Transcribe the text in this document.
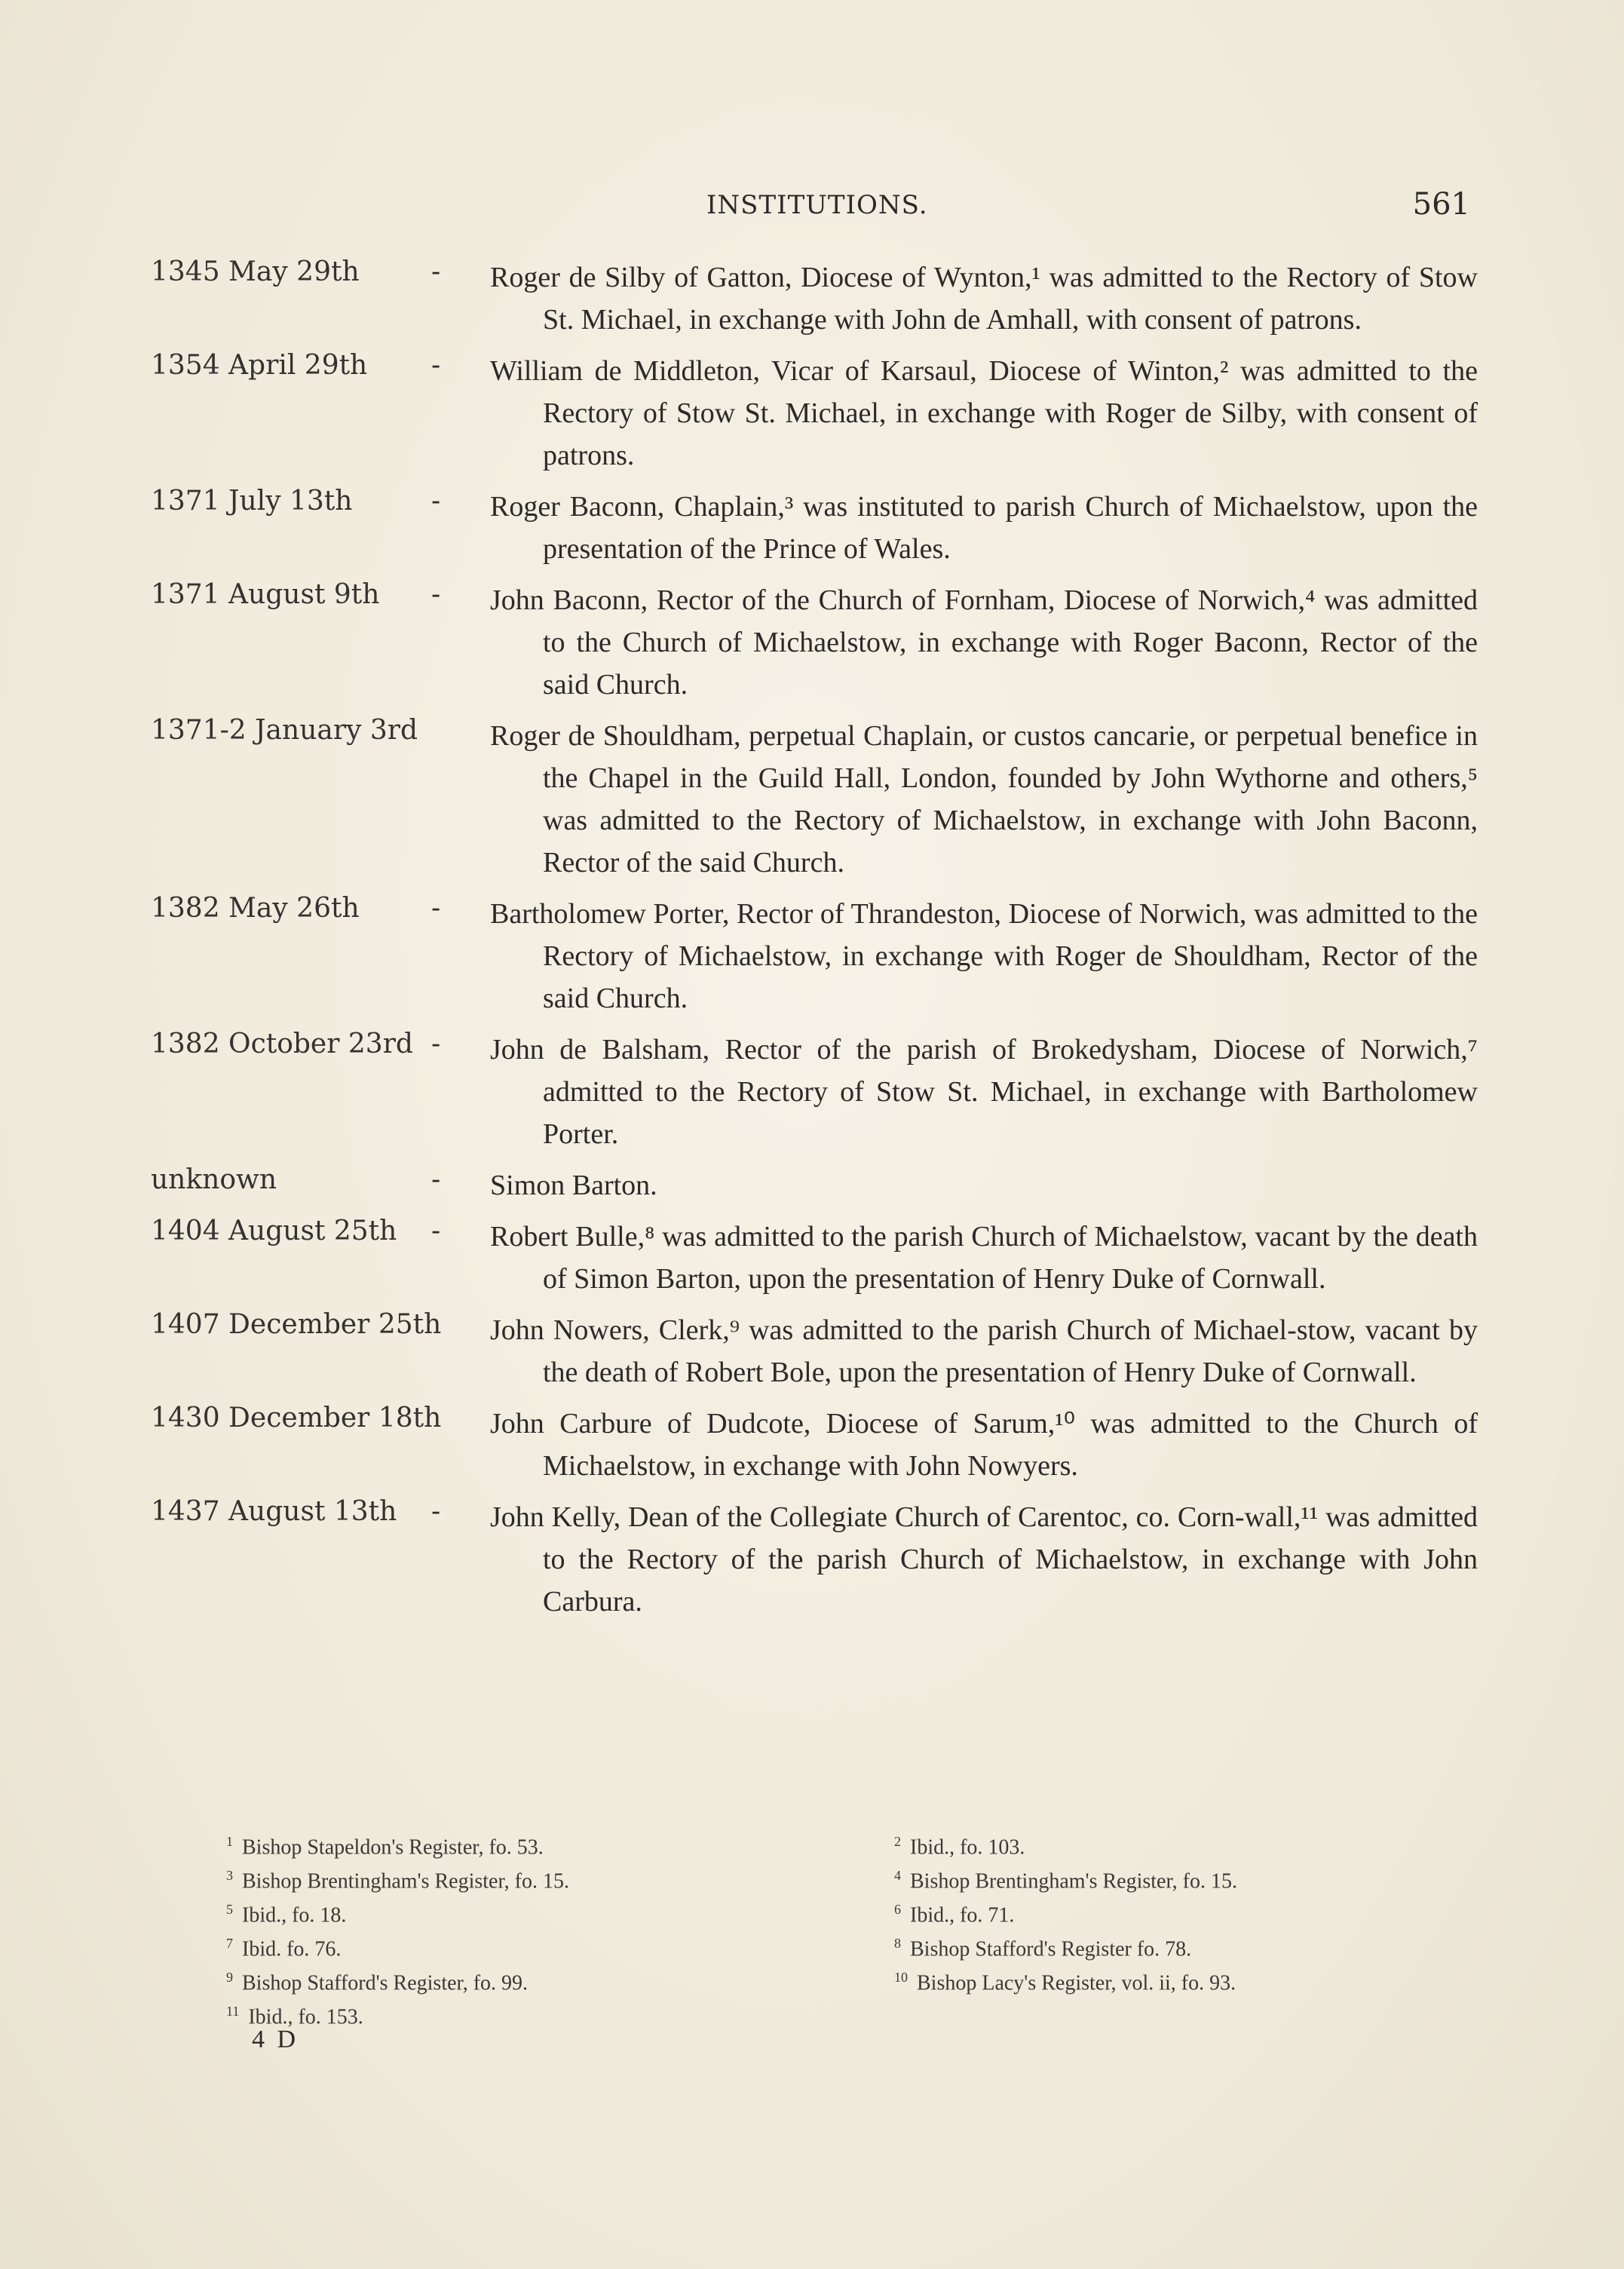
INSTITUTIONS.	561
1345 May 29th	- Roger de Silby of Gatton, Diocese of Wynton,¹ was admitted to the Rectory of Stow St. Michael, in exchange with John de Amhall, with consent of patrons.
1354 April 29th - William de Middleton, Vicar of Karsaul, Diocese of Winton,² was admitted to the Rectory of Stow St. Michael, in exchange with Roger de Silby, with consent of patrons.
1371 July 13th	- Roger Baconn, Chaplain,³ was instituted to parish Church of Michaelstow, upon the presentation of the Prince of Wales.
1371 August 9th - John Baconn, Rector of the Church of Fornham, Diocese of Norwich,⁴ was admitted to the Church of Michaelstow, in exchange with Roger Baconn, Rector of the said Church.
1371-2 January 3rd	Roger de Shouldham, perpetual Chaplain, or custos cancarie, or perpetual benefice in the Chapel in the Guild Hall, London, founded by John Wythorne and others,⁵ was admitted to the Rectory of Michaelstow, in exchange with John Baconn, Rector of the said Church.
1382 May 26th	- Bartholomew Porter, Rector of Thrandeston, Diocese of Norwich, was admitted to the Rectory of Michaelstow, in exchange with Roger de Shouldham, Rector of the said Church.
1382 October 23rd - John de Balsham, Rector of the parish of Brokedysham, Diocese of Norwich,⁷ admitted to the Rectory of Stow St. Michael, in exchange with Bartholomew Porter.
unknown	- Simon Barton.
1404 August 25th - Robert Bulle,⁸ was admitted to the parish Church of Michaelstow, vacant by the death of Simon Barton, upon the presentation of Henry Duke of Cornwall.
1407 December 25th John Nowers, Clerk,⁹ was admitted to the parish Church of Michael-stow, vacant by the death of Robert Bole, upon the presentation of Henry Duke of Cornwall.
1430 December 18th John Carbure of Dudcote, Diocese of Sarum,¹⁰ was admitted to the Church of Michaelstow, in exchange with John Nowyers.
1437 August 13th - John Kelly, Dean of the Collegiate Church of Carentoc, co. Corn-wall,¹¹ was admitted to the Rectory of the parish Church of Michaelstow, in exchange with John Carbura.
$^1$ Bishop Stapeldon's Register, fo. 53.
$^3$ Bishop Brentingham's Register, fo. 15.
$^5$ Ibid., fo. 18.
$^7$ Ibid. fo. 76.
$^9$ Bishop Stafford's Register, fo. 99.
$^{11}$ Ibid., fo. 153.
$^2$ Ibid., fo. 103.
$^4$ Bishop Brentingham's Register, fo. 15.
$^6$ Ibid., fo. 71.
$^8$ Bishop Stafford's Register fo. 78.
$^{10}$ Bishop Lacy's Register, vol. ii, fo. 93.
4 D
